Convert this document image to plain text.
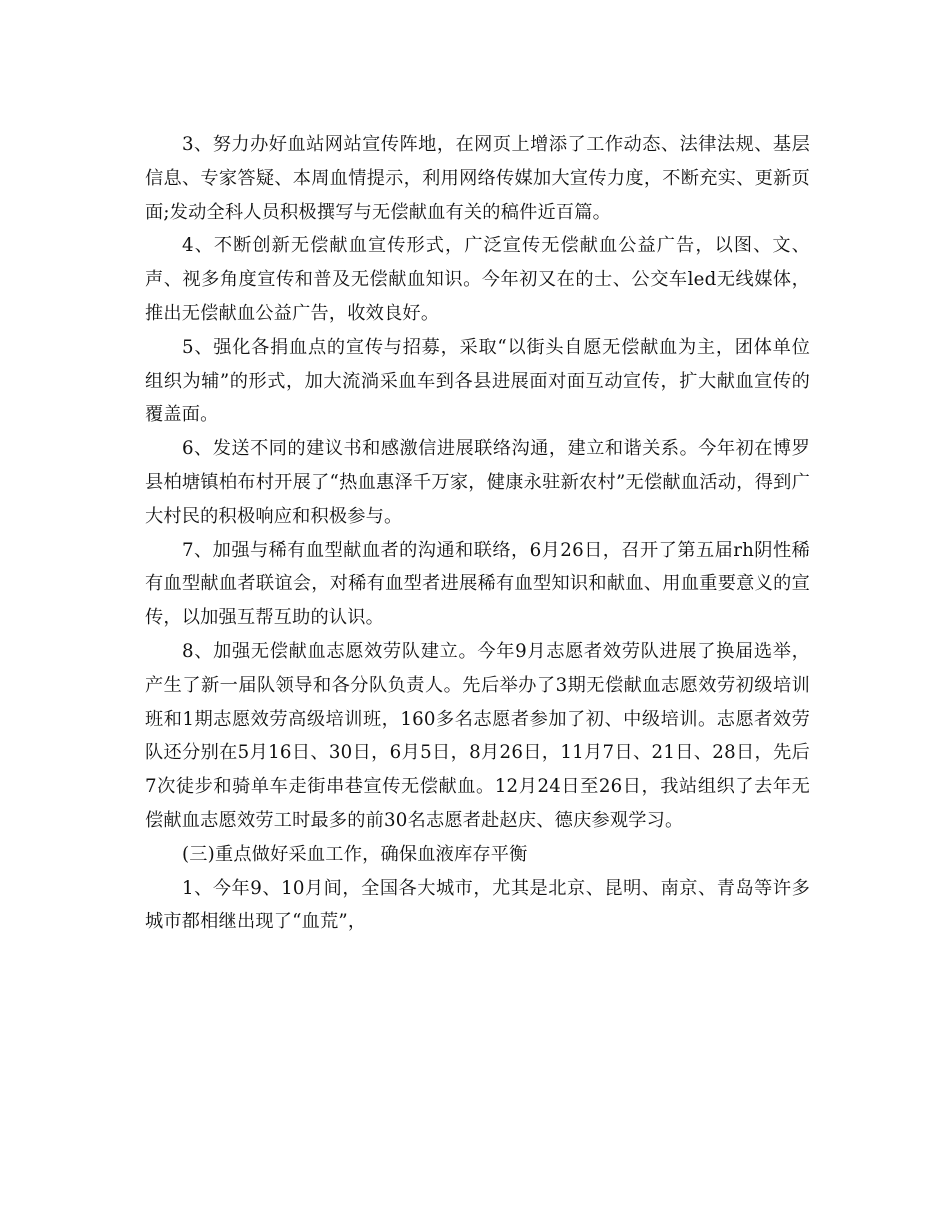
3、努力办好血站网站宣传阵地，在网页上增添了工作动态、法律法规、基层信息、专家答疑、本周血情提示，利用网络传媒加大宣传力度，不断充实、更新页面;发动全科人员积极撰写与无偿献血有关的稿件近百篇。

4、不断创新无偿献血宣传形式，广泛宣传无偿献血公益广告，以图、文、声、视多角度宣传和普及无偿献血知识。今年初又在的士、公交车led无线媒体，推出无偿献血公益广告，收效良好。

5、强化各捐血点的宣传与招募，采取“以街头自愿无偿献血为主，团体单位组织为辅”的形式，加大流淌采血车到各县进展面对面互动宣传，扩大献血宣传的覆盖面。

6、发送不同的建议书和感激信进展联络沟通，建立和谐关系。今年初在博罗县柏塘镇柏布村开展了“热血惠泽千万家，健康永驻新农村”无偿献血活动，得到广大村民的积极响应和积极参与。

7、加强与稀有血型献血者的沟通和联络，6月26日，召开了第五届rh阴性稀有血型献血者联谊会，对稀有血型者进展稀有血型知识和献血、用血重要意义的宣传，以加强互帮互助的认识。

8、加强无偿献血志愿效劳队建立。今年9月志愿者效劳队进展了换届选举，产生了新一届队领导和各分队负责人。先后举办了3期无偿献血志愿效劳初级培训班和1期志愿效劳高级培训班，160多名志愿者参加了初、中级培训。志愿者效劳队还分别在5月16日、30日，6月5日，8月26日，11月7日、21日、28日，先后7次徒步和骑单车走街串巷宣传无偿献血。12月24日至26日，我站组织了去年无偿献血志愿效劳工时最多的前30名志愿者赴赵庆、德庆参观学习。

(三)重点做好采血工作，确保血液库存平衡

1、今年9、10月间，全国各大城市，尤其是北京、昆明、南京、青岛等许多城市都相继出现了“血荒”，
